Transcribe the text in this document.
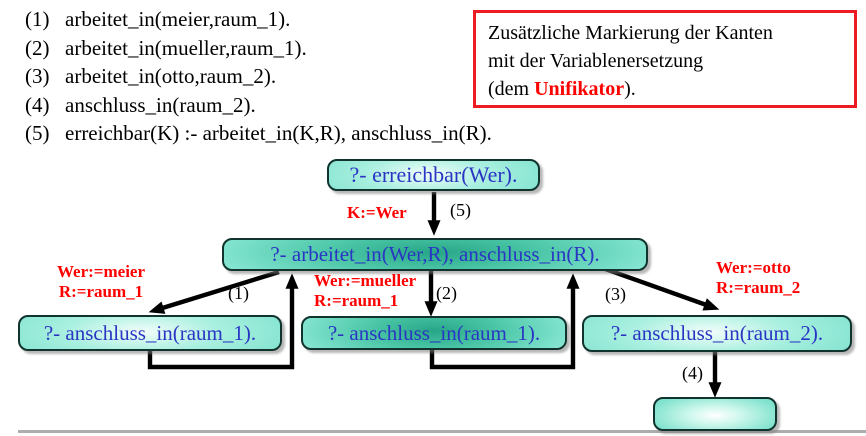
(1) arbeitet_in(meier,raum_1).
(2) arbeitet_in(mueller,raum_1).
(3) arbeitet_in(otto,raum_2).
(4) anschluss_in(raum_2).
(5) erreichbar(K) :- arbeitet_in(K,R), anschluss_in(R).
Zusätzliche Markierung der Kanten
mit der Variablenersetzung
(dem Unifikator).
?- erreichbar(Wer).
?- arbeitet_in(Wer,R), anschluss_in(R).
?- anschluss_in(raum_1).	?- anschluss_in(raum_1).	?- anschluss_in(raum_2).
K:=Wer
Wer:=meier
R:=raum_1
Wer:=mueller
R:=raum_1
Wer:=otto
R:=raum_2
(5)
(1)	(2)	(3)
(4)
